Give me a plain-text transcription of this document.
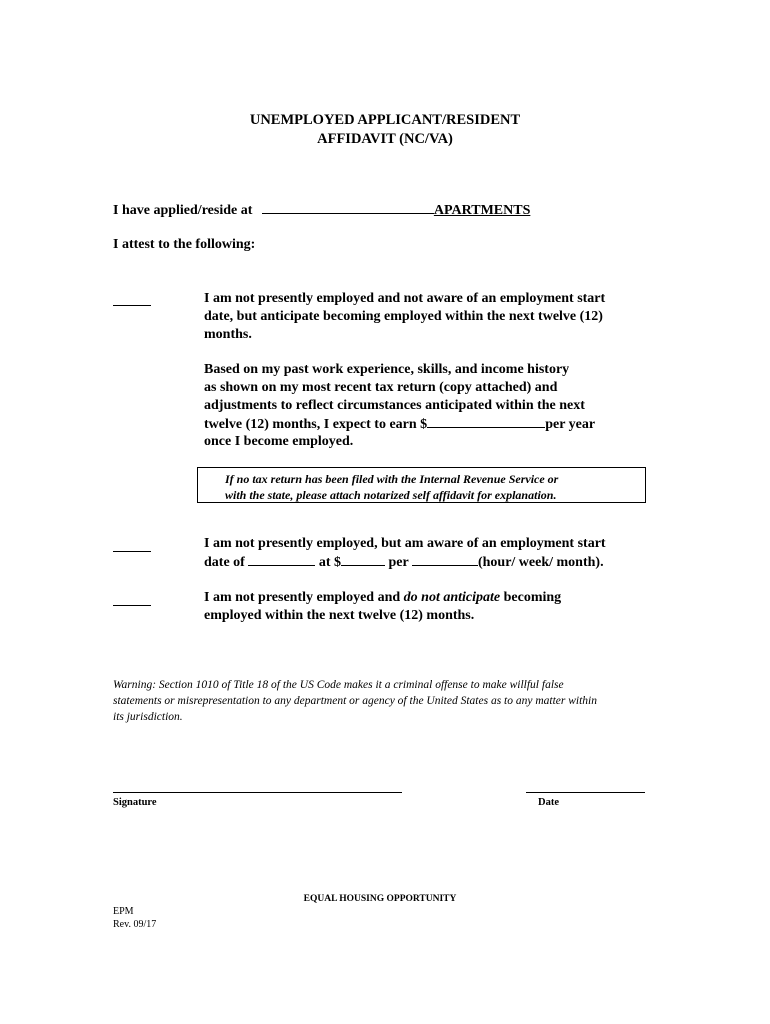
UNEMPLOYED APPLICANT/RESIDENT
AFFIDAVIT (NC/VA)
I have applied/reside at	APARTMENTS
I attest to the following:
I am not presently employed and not aware of an employment start
date, but anticipate becoming employed within the next twelve (12)
months.
Based on my past work experience, skills, and income history
as shown on my most recent tax return (copy attached) and
adjustments to reflect circumstances anticipated within the next
twelve (12) months, I expect to earn $	per year
once I become employed.
If no tax return has been filed with the Internal Revenue Service or
with the state, please attach notarized self affidavit for explanation.
I am not presently employed, but am aware of an employment start
date of	at $	per	(hour/ week/ month).
I am not presently employed and do not anticipate becoming
employed within the next twelve (12) months.
Warning: Section 1010 of Title 18 of the US Code makes it a criminal offense to make willful false
statements or misrepresentation to any department or agency of the United States as to any matter within
its jurisdiction.
Signature	Date
EQUAL HOUSING OPPORTUNITY
EPM
Rev. 09/17
